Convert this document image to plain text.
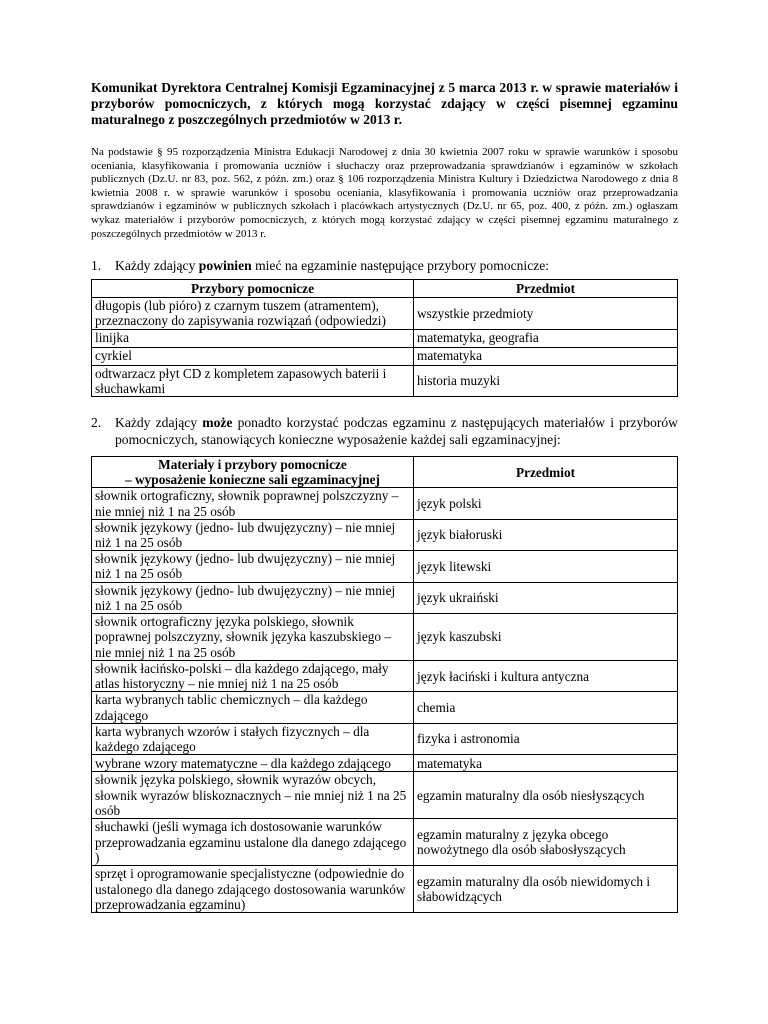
Komunikat Dyrektora Centralnej Komisji Egzaminacyjnej z 5 marca 2013 r. w sprawie materiałów i przyborów pomocniczych, z których mogą korzystać zdający w części pisemnej egzaminu maturalnego z poszczególnych przedmiotów w 2013 r.

Na podstawie § 95 rozporządzenia Ministra Edukacji Narodowej z dnia 30 kwietnia 2007 roku w sprawie warunków i sposobu oceniania, klasyfikowania i promowania uczniów i słuchaczy oraz przeprowadzania sprawdzianów i egzaminów w szkołach publicznych (Dz.U. nr 83, poz. 562, z późn. zm.) oraz § 106 rozporządzenia Ministra Kultury i Dziedzictwa Narodowego z dnia 8 kwietnia 2008 r. w sprawie warunków i sposobu oceniania, klasyfikowania i promowania uczniów oraz przeprowadzania sprawdzianów i egzaminów w publicznych szkołach i placówkach artystycznych (Dz.U. nr 65, poz. 400, z późn. zm.) ogłaszam wykaz materiałów i przyborów pomocniczych, z których mogą korzystać zdający w części pisemnej egzaminu maturalnego z poszczególnych przedmiotów w 2013 r.

1. Każdy zdający powinien mieć na egzaminie następujące przybory pomocnicze:

Przybory pomocnicze	Przedmiot
długopis (lub pióro) z czarnym tuszem (atramentem), przeznaczony do zapisywania rozwiązań (odpowiedzi)	wszystkie przedmioty
linijka	matematyka, geografia
cyrkiel	matematyka
odtwarzacz płyt CD z kompletem zapasowych baterii i słuchawkami	historia muzyki

2. Każdy zdający może ponadto korzystać podczas egzaminu z następujących materiałów i przyborów pomocniczych, stanowiących konieczne wyposażenie każdej sali egzaminacyjnej:

Materiały i przybory pomocnicze
– wyposażenie konieczne sali egzaminacyjnej	Przedmiot
słownik ortograficzny, słownik poprawnej polszczyzny – nie mniej niż 1 na 25 osób	język polski
słownik językowy (jedno- lub dwujęzyczny) – nie mniej niż 1 na 25 osób	język białoruski
słownik językowy (jedno- lub dwujęzyczny) – nie mniej niż 1 na 25 osób	język litewski
słownik językowy (jedno- lub dwujęzyczny) – nie mniej niż 1 na 25 osób	język ukraiński
słownik ortograficzny języka polskiego, słownik poprawnej polszczyzny, słownik języka kaszubskiego – nie mniej niż 1 na 25 osób	język kaszubski
słownik łacińsko-polski – dla każdego zdającego, mały atlas historyczny – nie mniej niż 1 na 25 osób	język łaciński i kultura antyczna
karta wybranych tablic chemicznych – dla każdego zdającego	chemia
karta wybranych wzorów i stałych fizycznych – dla każdego zdającego	fizyka i astronomia
wybrane wzory matematyczne – dla każdego zdającego	matematyka
słownik języka polskiego, słownik wyrazów obcych, słownik wyrazów bliskoznacznych – nie mniej niż 1 na 25 osób	egzamin maturalny dla osób niesłyszących
słuchawki (jeśli wymaga ich dostosowanie warunków przeprowadzania egzaminu ustalone dla danego zdającego )	egzamin maturalny z języka obcego nowożytnego dla osób słabosłyszących
sprzęt i oprogramowanie specjalistyczne (odpowiednie do ustalonego dla danego zdającego dostosowania warunków przeprowadzania egzaminu)	egzamin maturalny dla osób niewidomych i słabowidzących
